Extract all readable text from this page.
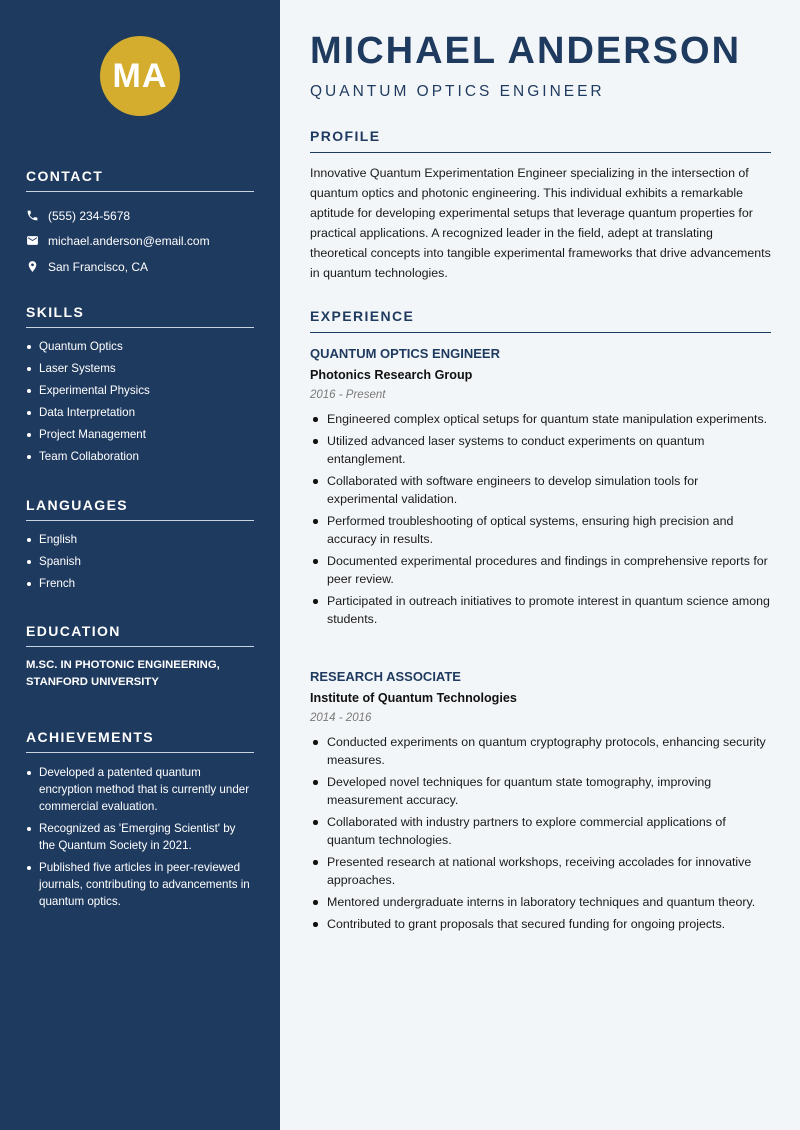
MA
CONTACT
(555) 234-5678
michael.anderson@email.com
San Francisco, CA
SKILLS
Quantum Optics
Laser Systems
Experimental Physics
Data Interpretation
Project Management
Team Collaboration
LANGUAGES
English
Spanish
French
EDUCATION
M.SC. IN PHOTONIC ENGINEERING, STANFORD UNIVERSITY
ACHIEVEMENTS
Developed a patented quantum encryption method that is currently under commercial evaluation.
Recognized as 'Emerging Scientist' by the Quantum Society in 2021.
Published five articles in peer-reviewed journals, contributing to advancements in quantum optics.
MICHAEL ANDERSON
QUANTUM OPTICS ENGINEER
PROFILE

Innovative Quantum Experimentation Engineer specializing in the intersection of quantum optics and photonic engineering. This individual exhibits a remarkable aptitude for developing experimental setups that leverage quantum properties for practical applications. A recognized leader in the field, adept at translating theoretical concepts into tangible experimental frameworks that drive advancements in quantum technologies.

EXPERIENCE
QUANTUM OPTICS ENGINEER
Photonics Research Group
2016 - Present
Engineered complex optical setups for quantum state manipulation experiments.
Utilized advanced laser systems to conduct experiments on quantum entanglement.
Collaborated with software engineers to develop simulation tools for experimental validation.
Performed troubleshooting of optical systems, ensuring high precision and accuracy in results.
Documented experimental procedures and findings in comprehensive reports for peer review.
Participated in outreach initiatives to promote interest in quantum science among students.
RESEARCH ASSOCIATE
Institute of Quantum Technologies
2014 - 2016
Conducted experiments on quantum cryptography protocols, enhancing security measures.
Developed novel techniques for quantum state tomography, improving measurement accuracy.
Collaborated with industry partners to explore commercial applications of quantum technologies.
Presented research at national workshops, receiving accolades for innovative approaches.
Mentored undergraduate interns in laboratory techniques and quantum theory.
Contributed to grant proposals that secured funding for ongoing projects.
